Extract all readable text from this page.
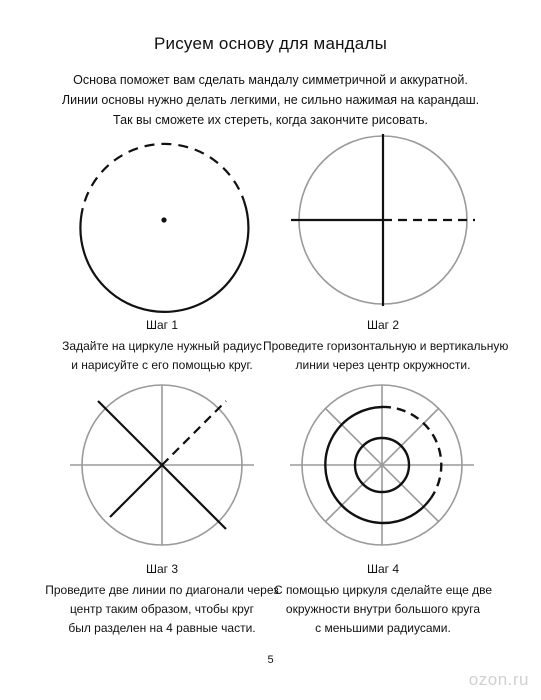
Рисуем основу для мандалы
Основа поможет вам сделать мандалу симметричной и аккуратной.
Линии основы нужно делать легкими, не сильно нажимая на карандаш.
Так вы сможете их стереть, когда закончите рисовать.
Шаг 1
Задайте на циркуле нужный радиус
и нарисуйте с его помощью круг.
Шаг 2
Проведите горизонтальную и вертикальную
линии через центр окружности.
Шаг 3
Проведите две линии по диагонали через
центр таким образом, чтобы круг
был разделен на 4 равные части.
Шаг 4
С помощью циркуля сделайте еще две
окружности внутри большого круга
с меньшими радиусами.
5
ozon.ru
